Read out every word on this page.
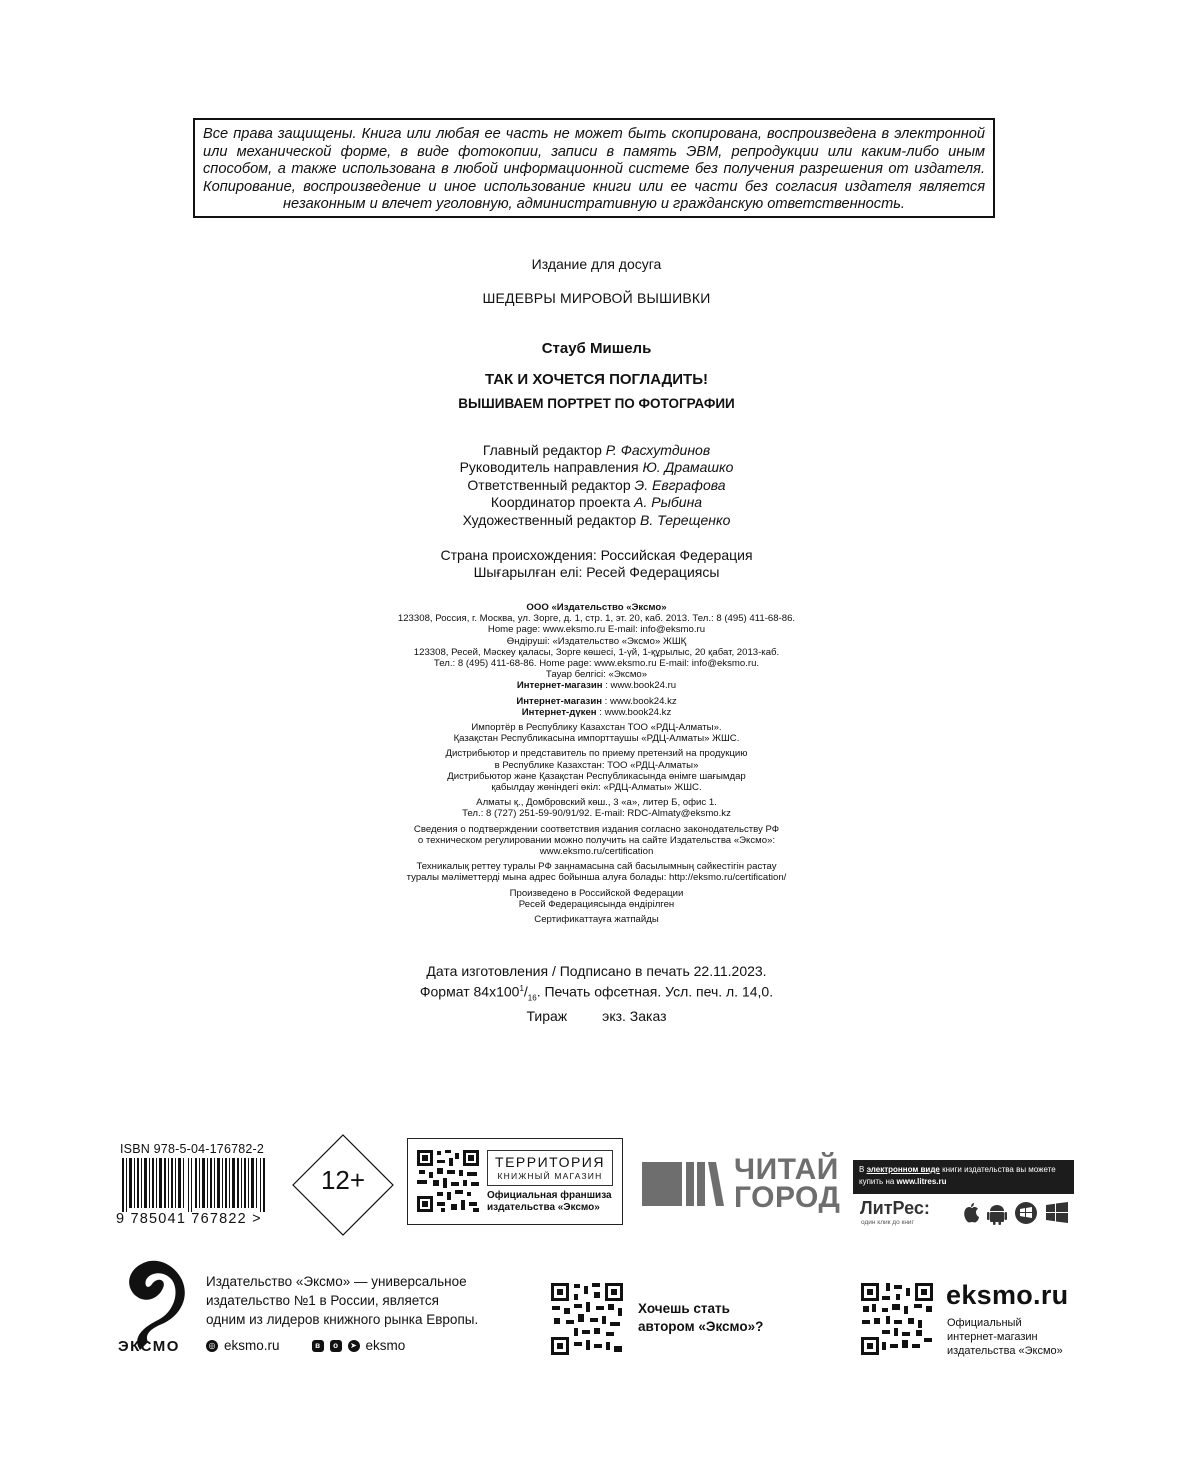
Все права защищены. Книга или любая ее часть не может быть скопирована, воспроизведена в электронной или механической форме, в виде фотокопии, записи в память ЭВМ, репродукции или каким-либо иным способом, а также использована в любой информационной системе без получения разрешения от издателя. Копирование, воспроизведение и иное использование книги или ее части без согласия издателя является незаконным и влечет уголовную, административную и гражданскую ответственность.
Издание для досуга
ШЕДЕВРЫ МИРОВОЙ ВЫШИВКИ
Стауб Мишель
ТАК И ХОЧЕТСЯ ПОГЛАДИТЬ!
ВЫШИВАЕМ ПОРТРЕТ ПО ФОТОГРАФИИ
Главный редактор Р. Фасхутдинов
Руководитель направления Ю. Драмашко
Ответственный редактор Э. Евграфова
Координатор проекта А. Рыбина
Художественный редактор В. Терещенко
Страна происхождения: Российская Федерация
Шығарылған елі: Ресей Федерациясы
ООО «Издательство «Эксмо»
123308, Россия, г. Москва, ул. Зорге, д. 1, стр. 1, эт. 20, каб. 2013. Тел.: 8 (495) 411-68-86.
Home page: www.eksmo.ru E-mail: info@eksmo.ru
Өндіруші: «Издательство «Эксмо» ЖШҚ
123308, Ресей, Мәскеу қаласы, Зорге көшесі, 1-үй, 1-құрылыс, 20 қабат, 2013-каб.
Тел.: 8 (495) 411-68-86. Home page: www.eksmo.ru E-mail: info@eksmo.ru.
Тауар белгісі: «Эксмо»
Интернет-магазин : www.book24.ru
Интернет-магазин : www.book24.kz
Интернет-дүкен : www.book24.kz
Импортёр в Республику Казахстан ТОО «РДЦ-Алматы».
Қазақстан Республикасына импорттаушы «РДЦ-Алматы» ЖШС.
Дистрибьютор и представитель по приему претензий на продукцию
в Республике Казахстан: ТОО «РДЦ-Алматы»
Дистрибьютор және Қазақстан Республикасында өнімге шағымдар
қабылдау жөніндегі өкіл: «РДЦ-Алматы» ЖШС.
Алматы қ., Домбровский көш., 3 «а», литер Б, офис 1.
Тел.: 8 (727) 251-59-90/91/92. E-mail: RDC-Almaty@eksmo.kz
Сведения о подтверждении соответствия издания согласно законодательству РФ
о техническом регулировании можно получить на сайте Издательства «Эксмо»:
www.eksmo.ru/certification
Техникалық реттеу туралы РФ заңнамасына сай басылымның сәйкестігін растау
туралы мәліметтерді мына адрес бойынша алуға болады: http://eksmo.ru/certification/
Произведено в Российской Федерации
Ресей Федерациясында өндірілген
Сертификаттауға жатпайды
Дата изготовления / Подписано в печать 22.11.2023.
Формат $84x100^1/_{16}$. Печать офсетная. Усл. печ. л. 14,0.
Тираж	экз. Заказ
ISBN 978-5-04-176782-2
9 785041 767822 >
12+
ТЕРРИТОРИЯ
КНИЖНЫЙ МАГАЗИН
Официальная франшиза
издательства «Эксмо»
ЧИТАЙ
ГОРОД
В электронном виде книги издательства вы можете
купить на www.litres.ru
ЛитРес:
один клик до книг
ЭКСМО
Издательство «Эксмо» — универсальное
издательство №1 в России, является
одним из лидеров книжного рынка Европы.
◎ eksmo.ru	в	о	➤ eksmo
Хочешь стать
автором «Эксмо»?
eksmo.ru
Официальный
интернет-магазин
издательства «Эксмо»
